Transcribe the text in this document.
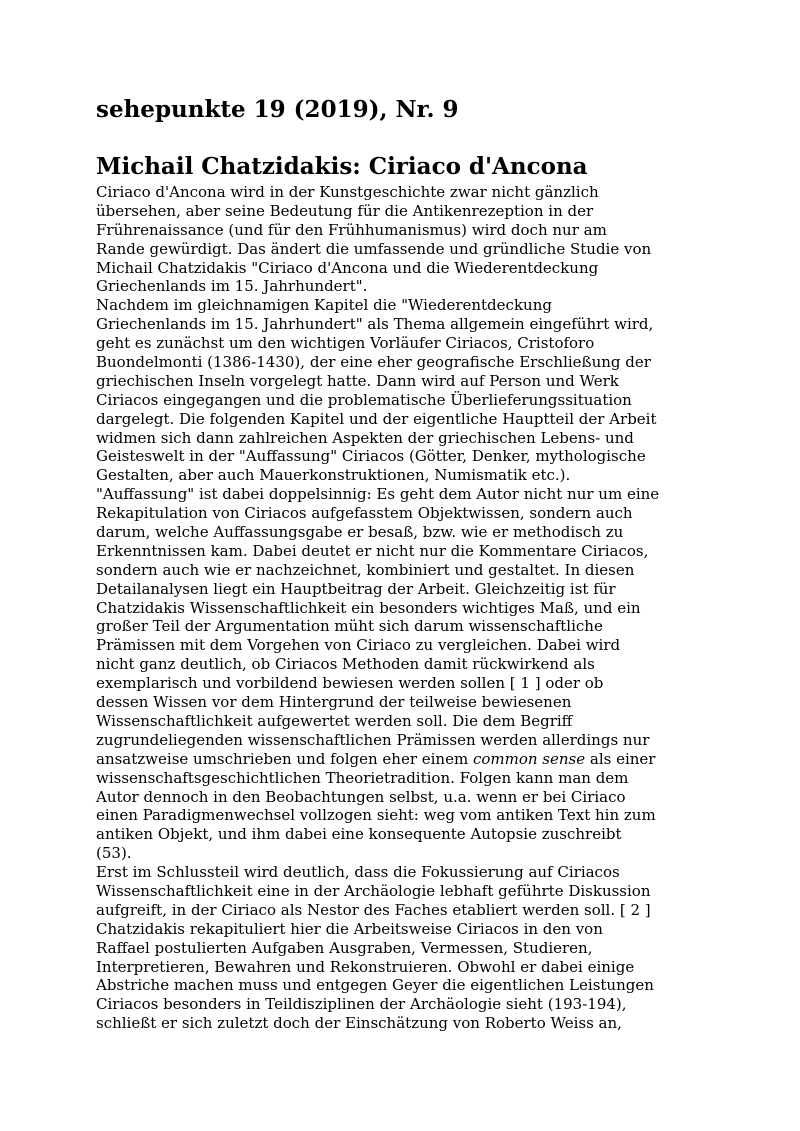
sehepunkte 19 (2019), Nr. 9
Michail Chatzidakis: Ciriaco d'Ancona
Ciriaco d'Ancona wird in der Kunstgeschichte zwar nicht gänzlich
übersehen, aber seine Bedeutung für die Antikenrezeption in der
Frührenaissance (und für den Frühhumanismus) wird doch nur am
Rande gewürdigt. Das ändert die umfassende und gründliche Studie von
Michail Chatzidakis "Ciriaco d'Ancona und die Wiederentdeckung
Griechenlands im 15. Jahrhundert".
Nachdem im gleichnamigen Kapitel die "Wiederentdeckung
Griechenlands im 15. Jahrhundert" als Thema allgemein eingeführt wird,
geht es zunächst um den wichtigen Vorläufer Ciriacos, Cristoforo
Buondelmonti (1386-1430), der eine eher geografische Erschließung der
griechischen Inseln vorgelegt hatte. Dann wird auf Person und Werk
Ciriacos eingegangen und die problematische Überlieferungssituation
dargelegt. Die folgenden Kapitel und der eigentliche Hauptteil der Arbeit
widmen sich dann zahlreichen Aspekten der griechischen Lebens- und
Geisteswelt in der "Auffassung" Ciriacos (Götter, Denker, mythologische
Gestalten, aber auch Mauerkonstruktionen, Numismatik etc.).
"Auffassung" ist dabei doppelsinnig: Es geht dem Autor nicht nur um eine
Rekapitulation von Ciriacos aufgefasstem Objektwissen, sondern auch
darum, welche Auffassungsgabe er besaß, bzw. wie er methodisch zu
Erkenntnissen kam. Dabei deutet er nicht nur die Kommentare Ciriacos,
sondern auch wie er nachzeichnet, kombiniert und gestaltet. In diesen
Detailanalysen liegt ein Hauptbeitrag der Arbeit. Gleichzeitig ist für
Chatzidakis Wissenschaftlichkeit ein besonders wichtiges Maß, und ein
großer Teil der Argumentation müht sich darum wissenschaftliche
Prämissen mit dem Vorgehen von Ciriaco zu vergleichen. Dabei wird
nicht ganz deutlich, ob Ciriacos Methoden damit rückwirkend als
exemplarisch und vorbildend bewiesen werden sollen [ 1 ] oder ob
dessen Wissen vor dem Hintergrund der teilweise bewiesenen
Wissenschaftlichkeit aufgewertet werden soll. Die dem Begriff
zugrundeliegenden wissenschaftlichen Prämissen werden allerdings nur
ansatzweise umschrieben und folgen eher einem common sense als einer
wissenschaftsgeschichtlichen Theorietradition. Folgen kann man dem
Autor dennoch in den Beobachtungen selbst, u.a. wenn er bei Ciriaco
einen Paradigmenwechsel vollzogen sieht: weg vom antiken Text hin zum
antiken Objekt, und ihm dabei eine konsequente Autopsie zuschreibt
(53).
Erst im Schlussteil wird deutlich, dass die Fokussierung auf Ciriacos
Wissenschaftlichkeit eine in der Archäologie lebhaft geführte Diskussion
aufgreift, in der Ciriaco als Nestor des Faches etabliert werden soll. [ 2 ]
Chatzidakis rekapituliert hier die Arbeitsweise Ciriacos in den von
Raffael postulierten Aufgaben Ausgraben, Vermessen, Studieren,
Interpretieren, Bewahren und Rekonstruieren. Obwohl er dabei einige
Abstriche machen muss und entgegen Geyer die eigentlichen Leistungen
Ciriacos besonders in Teildisziplinen der Archäologie sieht (193-194),
schließt er sich zuletzt doch der Einschätzung von Roberto Weiss an,
